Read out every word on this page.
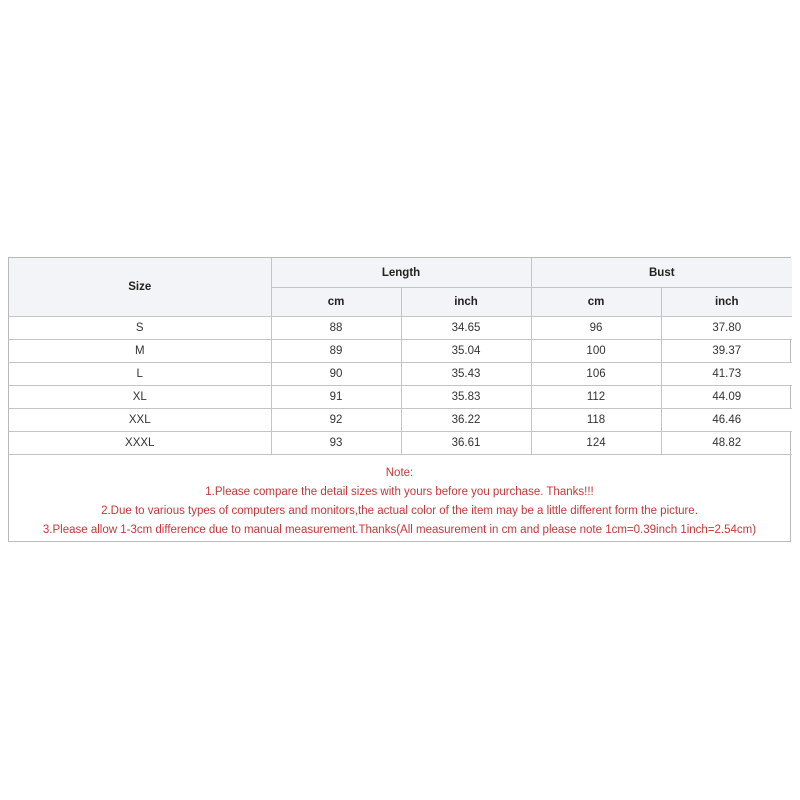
Size	Length		Bust	
	cm	inch	cm	inch
S	88	34.65	96	37.80
M	89	35.04	100	39.37
L	90	35.43	106	41.73
XL	91	35.83	112	44.09
XXL	92	36.22	118	46.46
XXXL	93	36.61	124	48.82
Note:
1.Please compare the detail sizes with yours before you purchase. Thanks!!!
2.Due to various types of computers and monitors,the actual color of the item may be a little different form the picture.
3.Please allow 1-3cm difference due to manual measurement.Thanks(All measurement in cm and please note 1cm=0.39inch 1inch=2.54cm)
